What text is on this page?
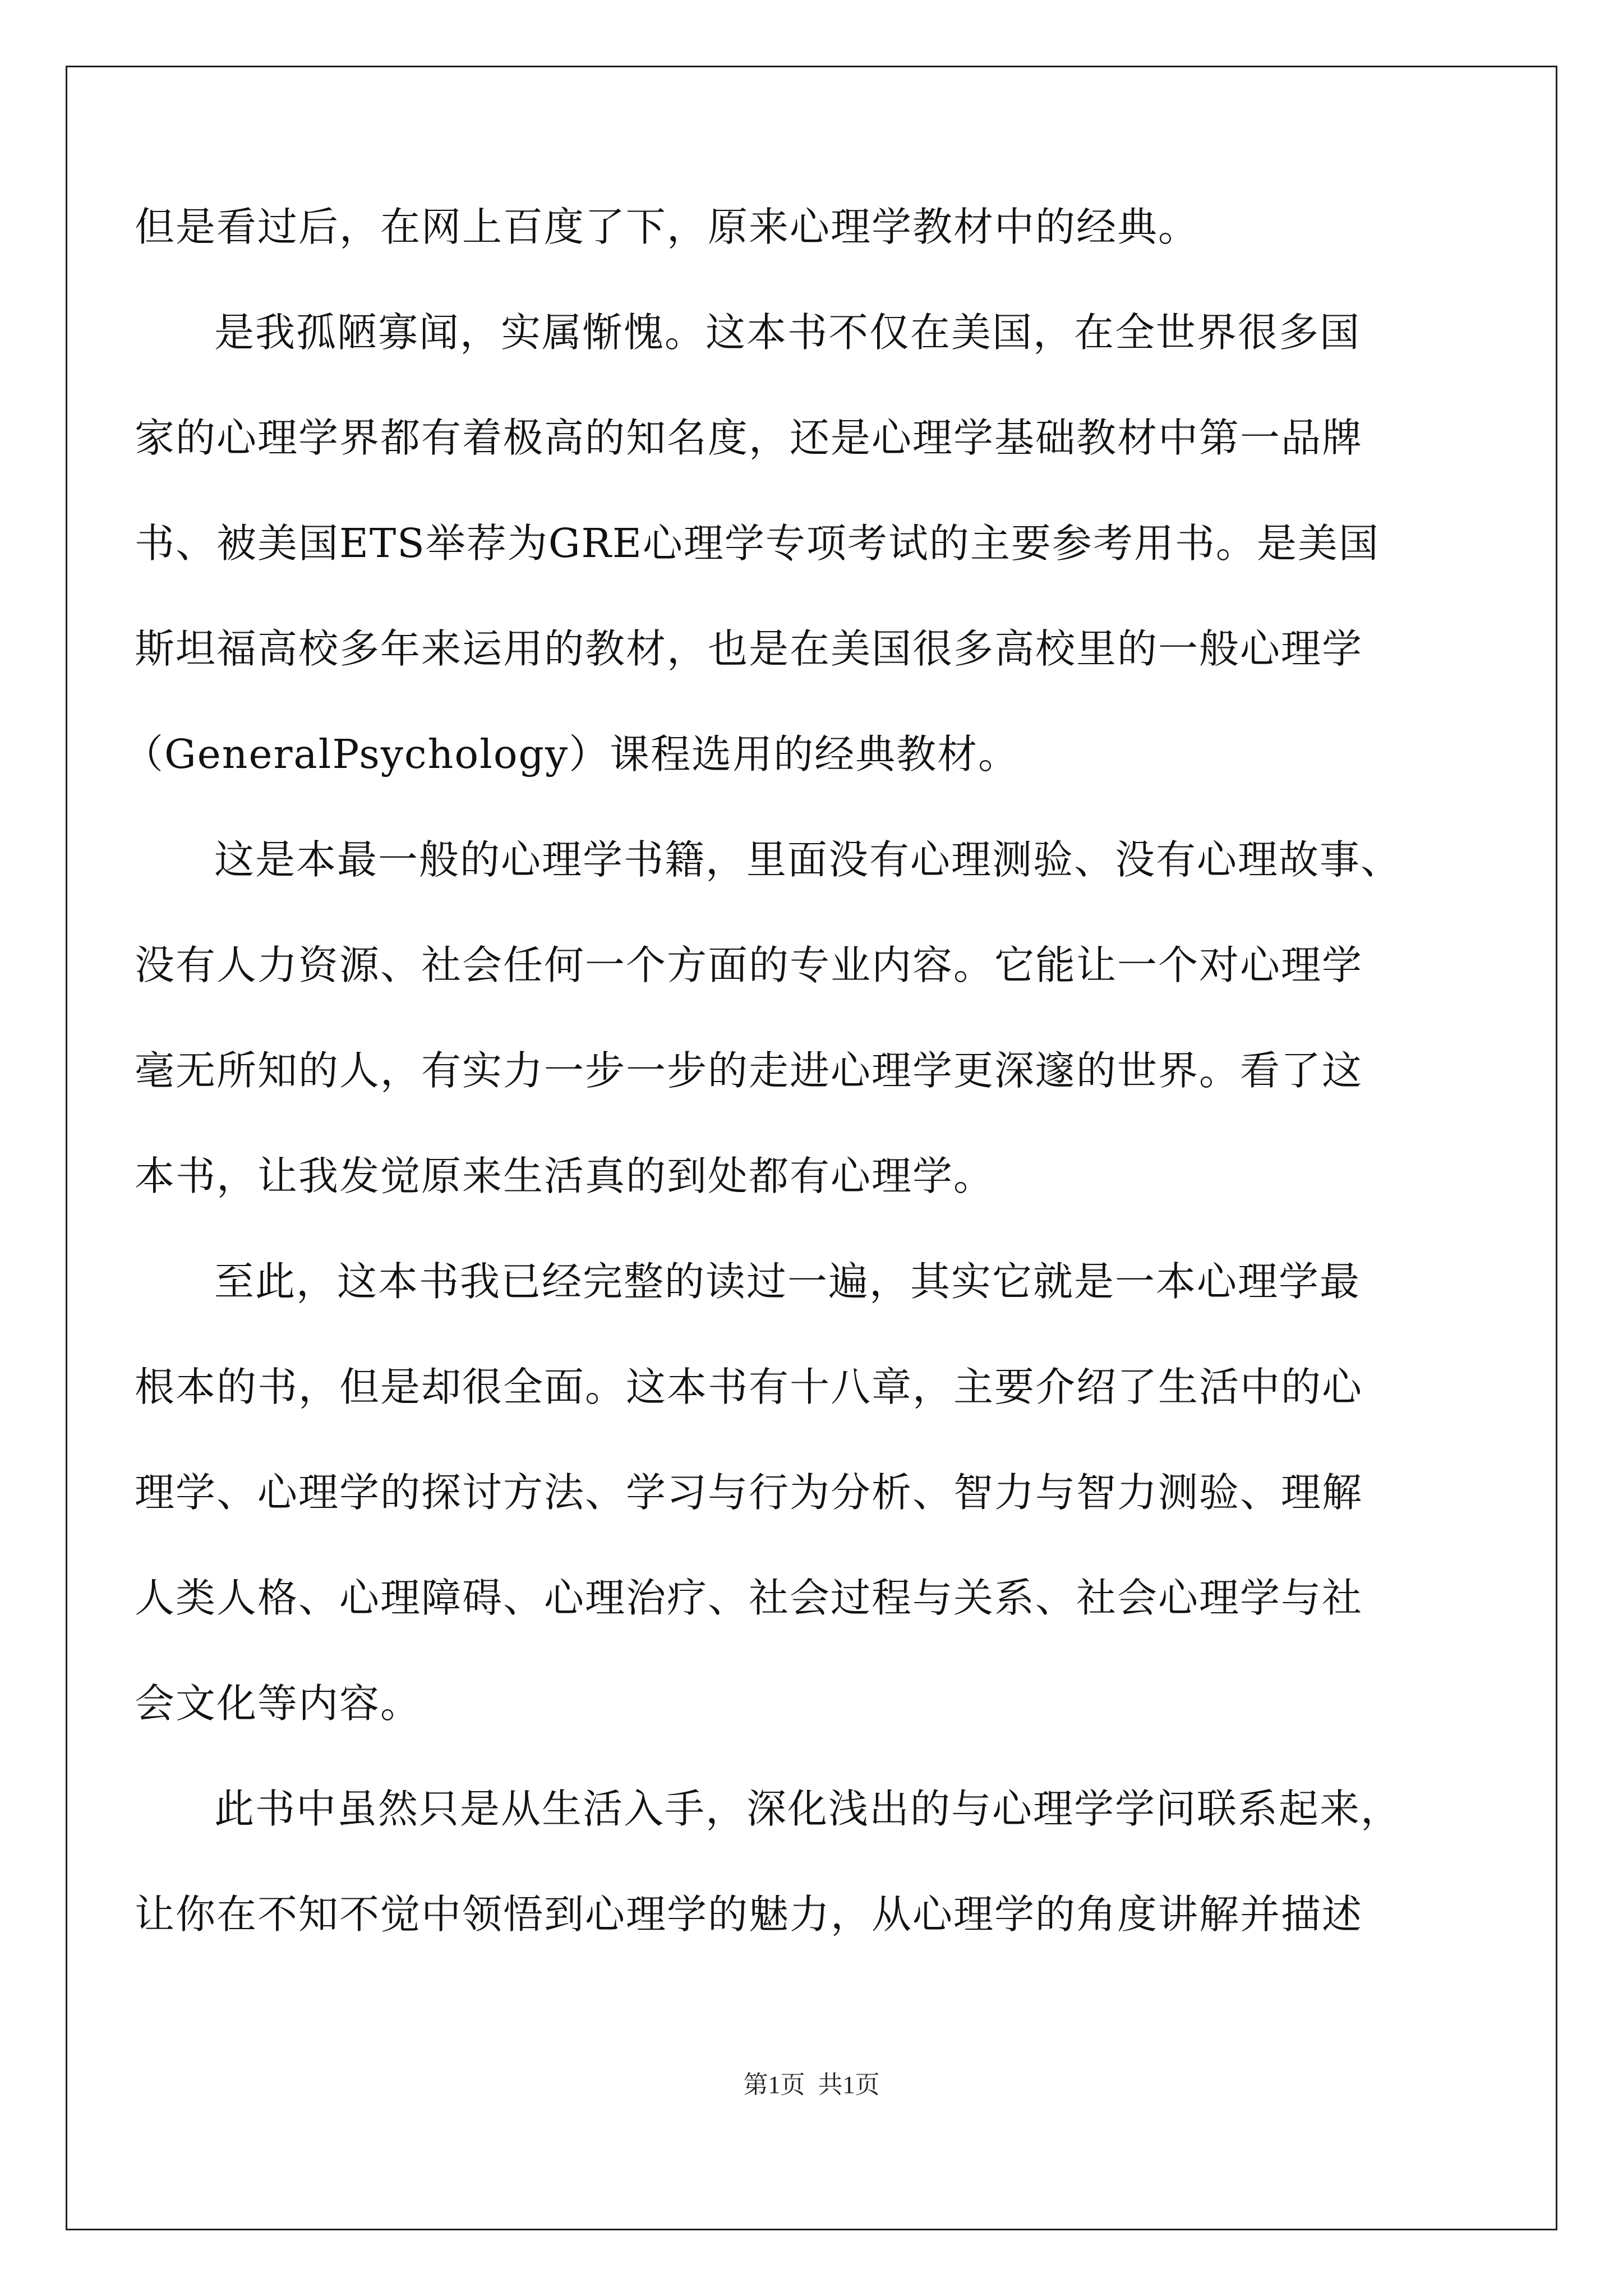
但是看过后，在网上百度了下，原来心理学教材中的经典。
是我孤陋寡闻，实属惭愧。这本书不仅在美国，在全世界很多国
家的心理学界都有着极高的知名度，还是心理学基础教材中第一品牌
书、被美国ETS举荐为GRE心理学专项考试的主要参考用书。是美国
斯坦福高校多年来运用的教材，也是在美国很多高校里的一般心理学
（GeneralPsychology）课程选用的经典教材。
这是本最一般的心理学书籍，里面没有心理测验、没有心理故事、
没有人力资源、社会任何一个方面的专业内容。它能让一个对心理学
毫无所知的人，有实力一步一步的走进心理学更深邃的世界。看了这
本书，让我发觉原来生活真的到处都有心理学。
至此，这本书我已经完整的读过一遍，其实它就是一本心理学最
根本的书，但是却很全面。这本书有十八章，主要介绍了生活中的心
理学、心理学的探讨方法、学习与行为分析、智力与智力测验、理解
人类人格、心理障碍、心理治疗、社会过程与关系、社会心理学与社
会文化等内容。
此书中虽然只是从生活入手，深化浅出的与心理学学问联系起来，
让你在不知不觉中领悟到心理学的魅力，从心理学的角度讲解并描述
第1页 共1页
